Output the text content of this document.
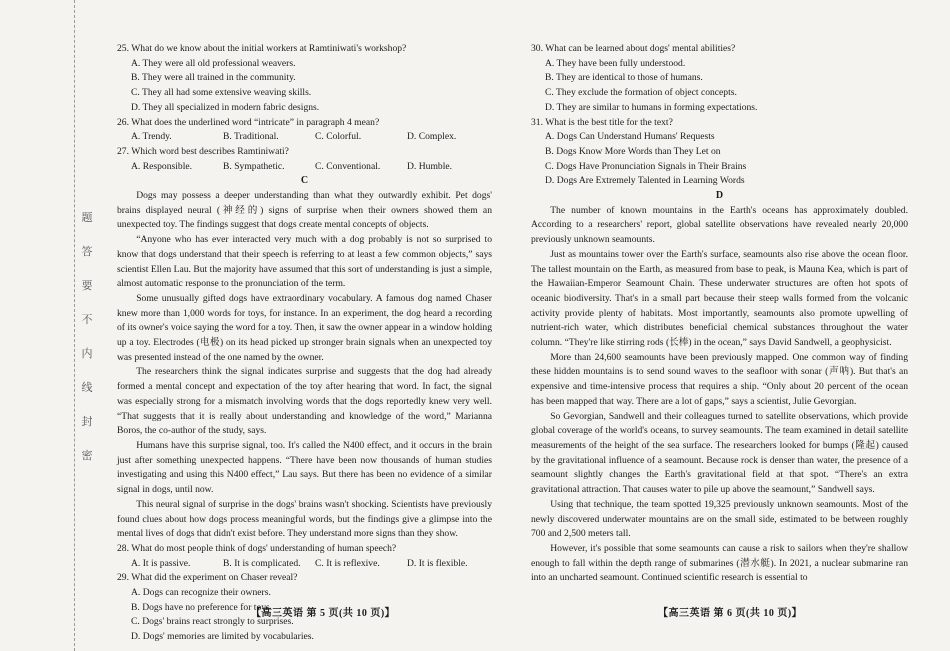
题
答
要
不
内
线
封
密

25. What do we know about the initial workers at Ramtiniwati's workshop?

A. They were all old professional weavers.

B. They were all trained in the community.

C. They all had some extensive weaving skills.

D. They all specialized in modern fabric designs.

26. What does the underlined word “intricate” in paragraph 4 mean?

A. Trendy.	B. Traditional.	C. Colorful.	D. Complex.

27. Which word best describes Ramtiniwati?

A. Responsible.	B. Sympathetic.	C. Conventional.	D. Humble.

C

Dogs may possess a deeper understanding than what they outwardly exhibit. Pet dogs' brains displayed neural (神经的) signs of surprise when their owners showed them an unexpected toy. The findings suggest that dogs create mental concepts of objects.

“Anyone who has ever interacted very much with a dog probably is not so surprised to know that dogs understand that their speech is referring to at least a few common objects,” says scientist Ellen Lau. But the majority have assumed that this sort of understanding is just a simple, almost automatic response to the pronunciation of the term.

Some unusually gifted dogs have extraordinary vocabulary. A famous dog named Chaser knew more than 1,000 words for toys, for instance. In an experiment, the dog heard a recording of its owner's voice saying the word for a toy. Then, it saw the owner appear in a window holding up a toy. Electrodes (电极) on its head picked up stronger brain signals when an unexpected toy was presented instead of the one named by the owner.

The researchers think the signal indicates surprise and suggests that the dog had already formed a mental concept and expectation of the toy after hearing that word. In fact, the signal was especially strong for a mismatch involving words that the dogs reportedly knew very well. “That suggests that it is really about understanding and knowledge of the word,” Marianna Boros, the co-author of the study, says.

Humans have this surprise signal, too. It's called the N400 effect, and it occurs in the brain just after something unexpected happens. “There have been now thousands of human studies investigating and using this N400 effect,” Lau says. But there has been no evidence of a similar signal in dogs, until now.

This neural signal of surprise in the dogs' brains wasn't shocking. Scientists have previously found clues about how dogs process meaningful words, but the findings give a glimpse into the mental lives of dogs that didn't exist before. They understand more signs than they show.

28. What do most people think of dogs' understanding of human speech?

A. It is passive.	B. It is complicated.	C. It is reflexive.	D. It is flexible.

29. What did the experiment on Chaser reveal?

A. Dogs can recognize their owners.

B. Dogs have no preference for toys.

C. Dogs' brains react strongly to surprises.

D. Dogs' memories are limited by vocabularies.

30. What can be learned about dogs' mental abilities?

A. They have been fully understood.

B. They are identical to those of humans.

C. They exclude the formation of object concepts.

D. They are similar to humans in forming expectations.

31. What is the best title for the text?

A. Dogs Can Understand Humans' Requests

B. Dogs Know More Words than They Let on

C. Dogs Have Pronunciation Signals in Their Brains

D. Dogs Are Extremely Talented in Learning Words

D

The number of known mountains in the Earth's oceans has approximately doubled. According to a researchers' report, global satellite observations have revealed nearly 20,000 previously unknown seamounts.

Just as mountains tower over the Earth's surface, seamounts also rise above the ocean floor. The tallest mountain on the Earth, as measured from base to peak, is Mauna Kea, which is part of the Hawaiian-Emperor Seamount Chain. These underwater structures are often hot spots of oceanic biodiversity. That's in a small part because their steep walls formed from the volcanic activity provide plenty of habitats. Most importantly, seamounts also promote upwelling of nutrient-rich water, which distributes beneficial chemical substances throughout the water column. “They're like stirring rods (长棒) in the ocean,” says David Sandwell, a geophysicist.

More than 24,600 seamounts have been previously mapped. One common way of finding these hidden mountains is to send sound waves to the seafloor with sonar (声呐). But that's an expensive and time-intensive process that requires a ship. “Only about 20 percent of the ocean has been mapped that way. There are a lot of gaps,” says a scientist, Julie Gevorgian.

So Gevorgian, Sandwell and their colleagues turned to satellite observations, which provide global coverage of the world's oceans, to survey seamounts. The team examined in detail satellite measurements of the height of the sea surface. The researchers looked for bumps (隆起) caused by the gravitational influence of a seamount. Because rock is denser than water, the presence of a seamount slightly changes the Earth's gravitational field at that spot. “There's an extra gravitational attraction. That causes water to pile up above the seamount,” Sandwell says.

Using that technique, the team spotted 19,325 previously unknown seamounts. Most of the newly discovered underwater mountains are on the small side, estimated to be between roughly 700 and 2,500 meters tall.

However, it's possible that some seamounts can cause a risk to sailors when they're shallow enough to fall within the depth range of submarines (潜水艇). In 2021, a nuclear submarine ran into an uncharted seamount. Continued scientific research is essential to

【高三英语 第 5 页(共 10 页)】	【高三英语 第 6 页(共 10 页)】
